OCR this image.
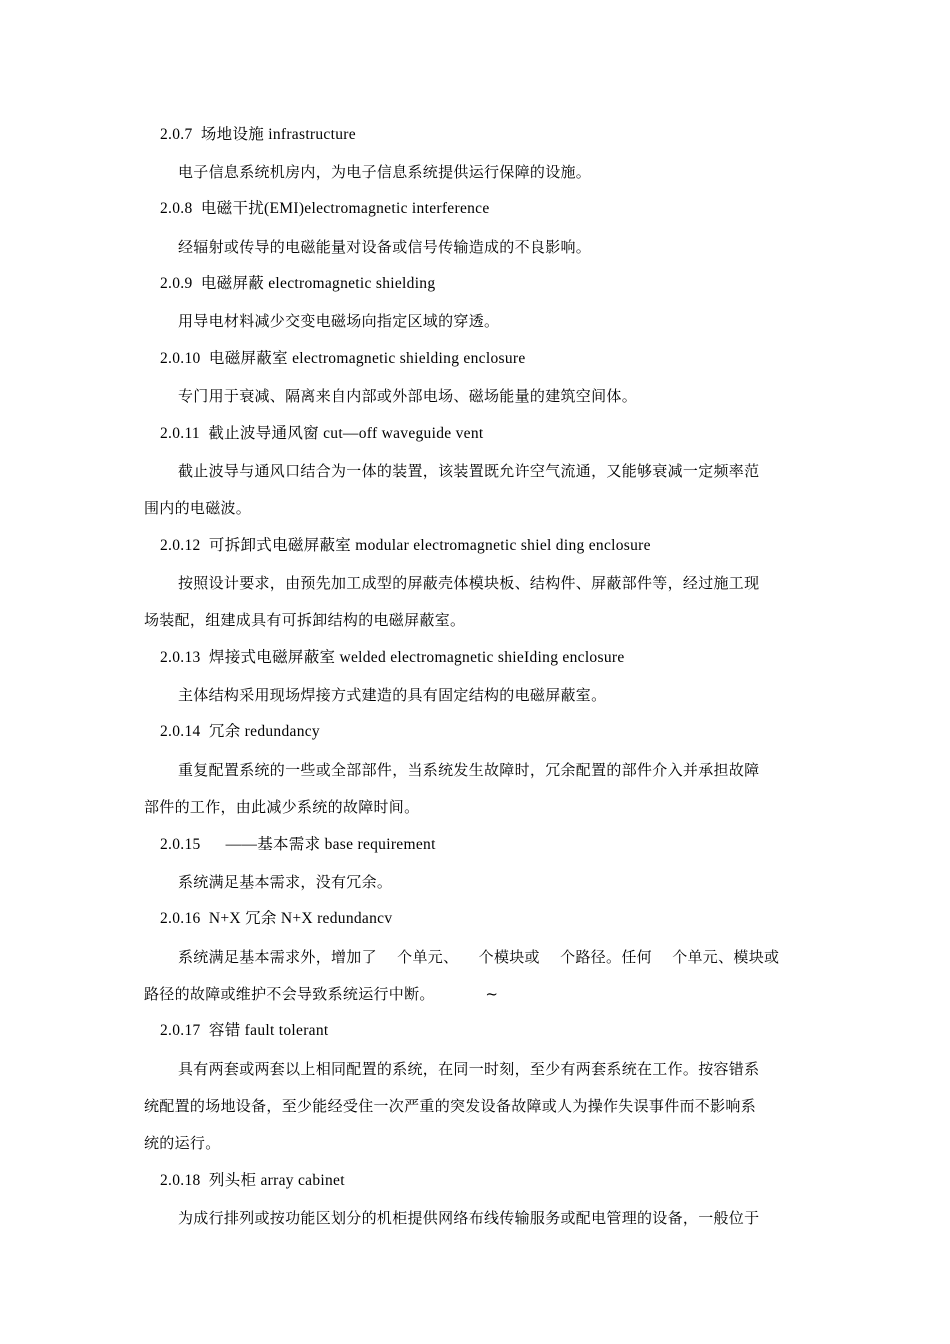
2.0.7  场地设施 infrastructure
电子信息系统机房内，为电子信息系统提供运行保障的设施。
2.0.8  电磁干扰(EMI)electromagnetic interference
经辐射或传导的电磁能量对设备或信号传输造成的不良影响。
2.0.9  电磁屏蔽 electromagnetic shielding
用导电材料减少交变电磁场向指定区域的穿透。
2.0.10  电磁屏蔽室 electromagnetic shielding enclosure
专门用于衰减、隔离来自内部或外部电场、磁场能量的建筑空间体。
2.0.11  截止波导通风窗 cut—off waveguide vent
截止波导与通风口结合为一体的装置，该装置既允许空气流通，又能够衰减一定频率范
围内的电磁波。
2.0.12  可拆卸式电磁屏蔽室 modular electromagnetic shiel ding enclosure
按照设计要求，由预先加工成型的屏蔽壳体模块板、结构件、屏蔽部件等，经过施工现
场装配，组建成具有可拆卸结构的电磁屏蔽室。
2.0.13  焊接式电磁屏蔽室 welded electromagnetic shieIding enclosure
主体结构采用现场焊接方式建造的具有固定结构的电磁屏蔽室。
2.0.14  冗余 redundancy
重复配置系统的一些或全部部件，当系统发生故障时，冗余配置的部件介入并承担故障
部件的工作，由此减少系统的故障时间。
2.0.15      ——基本需求 base requirement
系统满足基本需求，没有冗余。
2.0.16  N+X 冗余 N+X redundancv
系统满足基本需求外，增加了    个单元、    个模块或    个路径。任何    个单元、模块或
路径的故障或维护不会导致系统运行中断。          ~
2.0.17  容错 fault tolerant
具有两套或两套以上相同配置的系统，在同一时刻，至少有两套系统在工作。按容错系
统配置的场地设备，至少能经受住一次严重的突发设备故障或人为操作失误事件而不影响系
统的运行。
2.0.18  列头柜 array cabinet
为成行排列或按功能区划分的机柜提供网络布线传输服务或配电管理的设备，一般位于
